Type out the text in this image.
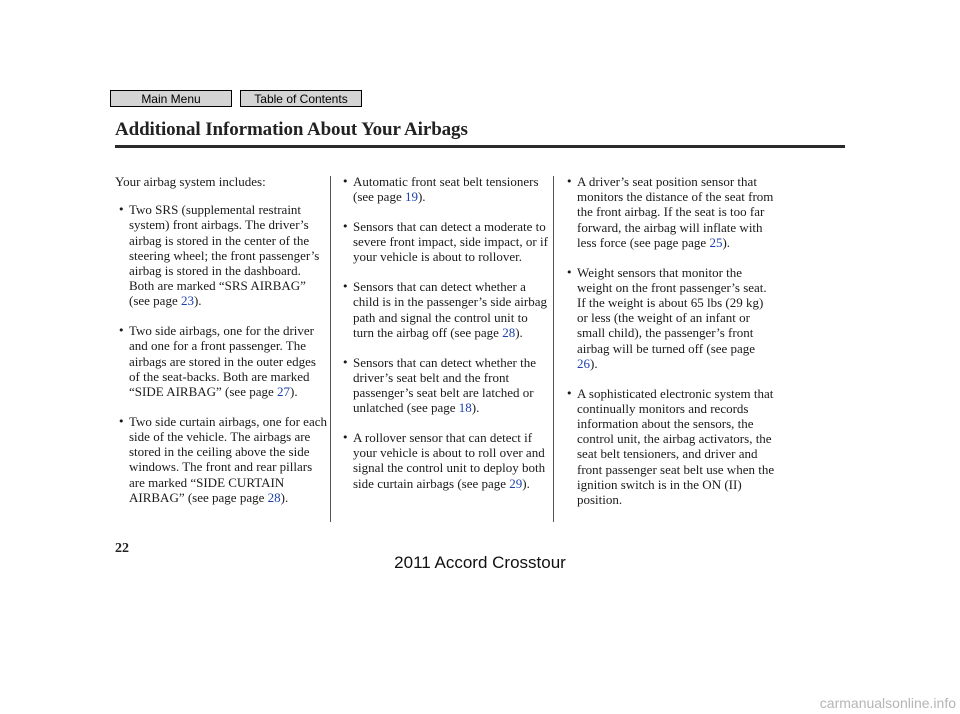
Main Menu	Table of Contents
Additional Information About Your Airbags
Your airbag system includes:
• Two SRS (supplemental restraint system) front airbags. The driver’s airbag is stored in the center of the steering wheel; the front passenger’s airbag is stored in the dashboard. Both are marked “SRS AIRBAG” (see page 23).
• Two side airbags, one for the driver and one for a front passenger. The airbags are stored in the outer edges of the seat-backs. Both are marked “SIDE AIRBAG” (see page 27).
• Two side curtain airbags, one for each side of the vehicle. The airbags are stored in the ceiling above the side windows. The front and rear pillars are marked “SIDE CURTAIN AIRBAG” (see page page 28).
• Automatic front seat belt tensioners (see page 19).
• Sensors that can detect a moderate to severe front impact, side impact, or if your vehicle is about to rollover.
• Sensors that can detect whether a child is in the passenger’s side airbag path and signal the control unit to turn the airbag off (see page 28).
• Sensors that can detect whether the driver’s seat belt and the front passenger’s seat belt are latched or unlatched (see page 18).
• A rollover sensor that can detect if your vehicle is about to roll over and signal the control unit to deploy both side curtain airbags (see page 29).
• A driver’s seat position sensor that monitors the distance of the seat from the front airbag. If the seat is too far forward, the airbag will inflate with less force (see page page 25).
• Weight sensors that monitor the weight on the front passenger’s seat. If the weight is about 65 lbs (29 kg) or less (the weight of an infant or small child), the passenger’s front airbag will be turned off (see page 26).
• A sophisticated electronic system that continually monitors and records information about the sensors, the control unit, the airbag activators, the seat belt tensioners, and driver and front passenger seat belt use when the ignition switch is in the ON (II) position.
22
2011 Accord Crosstour
carmanualsonline.info
